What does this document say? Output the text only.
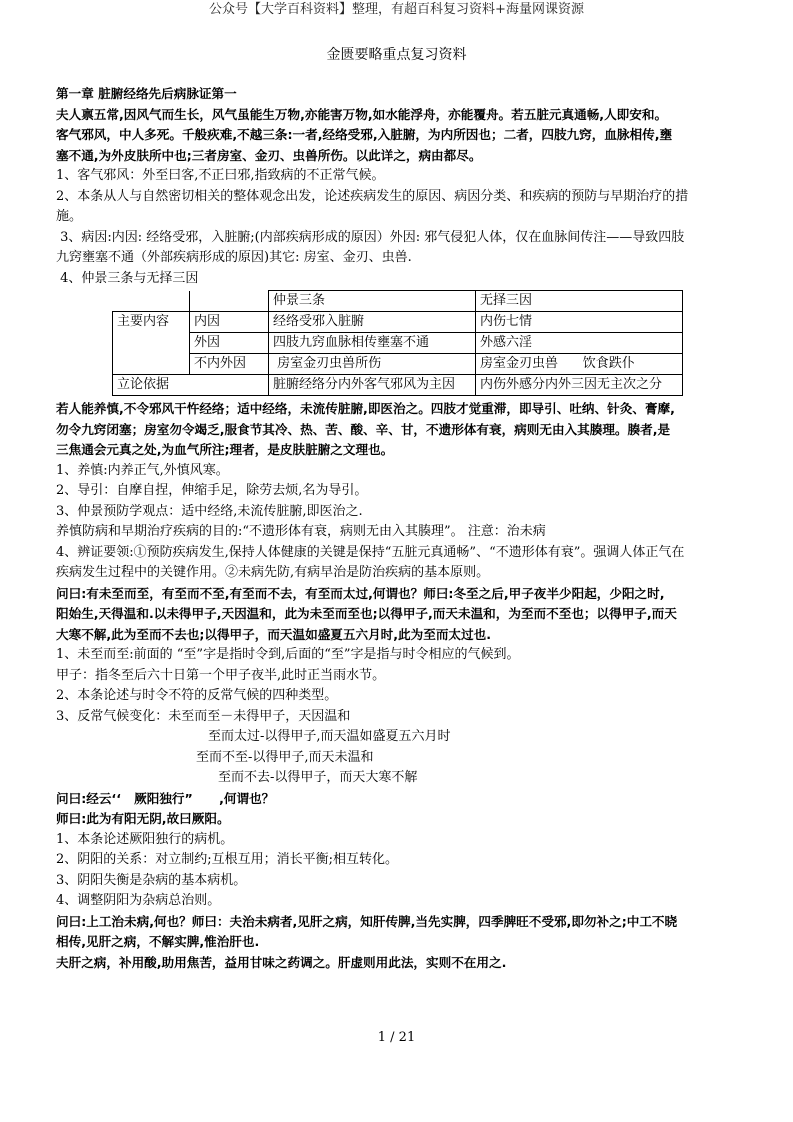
公众号【大学百科资料】整理，有超百科复习资料+海量网课资源
金匮要略重点复习资料

第一章 脏腑经络先后病脉证第一

夫人禀五常,因风气而生长，风气虽能生万物,亦能害万物,如水能浮舟，亦能覆舟。若五脏元真通畅,人即安和。

客气邪风，中人多死。千般疢难,不越三条:一者,经络受邪,入脏腑，为内所因也；二者，四肢九窍，血脉相传,壅

塞不通,为外皮肤所中也;三者房室、金刃、虫兽所伤。以此详之，病由都尽。

1、客气邪风：外至曰客,不正曰邪,指致病的不正常气候。

2、本条从人与自然密切相关的整体观念出发，论述疾病发生的原因、病因分类、和疾病的预防与早期治疗的措

施。

3、病因:内因: 经络受邪，入脏腑;(内部疾病形成的原因）外因: 邪气侵犯人体，仅在血脉间传注——导致四肢

九窍壅塞不通（外部疾病形成的原因)其它: 房室、金刃、虫兽.

4、仲景三条与无择三因

		仲景三条	无择三因
主要内容	内因	经络受邪入脏腑	内伤七情
	外因	四肢九窍血脉相传壅塞不通	外感六淫
	不内外因	房室金刃虫兽所伤	房室金刃虫兽      饮食跌仆
立论依据		脏腑经络分内外客气邪风为主因	内伤外感分内外三因无主次之分

若人能养慎,不令邪风干忤经络；适中经络，未流传脏腑,即医治之。四肢才觉重滞，即导引、吐纳、针灸、膏摩,

勿令九窍闭塞；房室勿令竭乏,服食节其冷、热、苦、酸、辛、甘，不遗形体有衰，病则无由入其腠理。腠者,是

三焦通会元真之处,为血气所注;理者，是皮肤脏腑之文理也。

1、养慎:内养正气,外慎风寒。

2、导引：自摩自捏，伸缩手足，除劳去烦,名为导引。

3、仲景预防学观点：适中经络,未流传脏腑,即医治之.

养慎防病和早期治疗疾病的目的:“不遗形体有衰，病则无由入其腠理”。 注意：治未病

4、辨证要领:①预防疾病发生,保持人体健康的关键是保持“五脏元真通畅”、“不遗形体有衰”。强调人体正气在

疾病发生过程中的关键作用。②未病先防,有病早治是防治疾病的基本原则。

问曰:有未至而至，有至而不至,有至而不去，有至而太过,何谓也？师曰:冬至之后,甲子夜半少阳起，少阳之时,

阳始生,天得温和.以未得甲子,天因温和，此为未至而至也;以得甲子,而天未温和，为至而不至也；以得甲子,而天

大寒不解,此为至而不去也;以得甲子，而天温如盛夏五六月时,此为至而太过也.

1、未至而至:前面的 “至”字是指时令到,后面的“至”字是指与时令相应的气候到。

甲子：指冬至后六十日第一个甲子夜半,此时正当雨水节。

2、本条论述与时令不符的反常气候的四种类型。

3、反常气候变化：未至而至－未得甲子，天因温和

至而太过-以得甲子,而天温如盛夏五六月时

至而不至-以得甲子,而天未温和

至而不去-以得甲子，而天大寒不解

问曰:经云‘‘   厥阳独行”      ,何谓也？

师曰:此为有阳无阴,故曰厥阳。

1、本条论述厥阳独行的病机。

2、阴阳的关系：对立制约;互根互用；消长平衡;相互转化。

3、阴阳失衡是杂病的基本病机。

4、调整阴阳为杂病总治则。

问曰:上工治未病,何也？师曰：夫治未病者,见肝之病，知肝传脾,当先实脾，四季脾旺不受邪,即勿补之;中工不晓

相传,见肝之病，不解实脾,惟治肝也.

夫肝之病，补用酸,助用焦苦，益用甘味之药调之。肝虚则用此法，实则不在用之.

1 / 21
